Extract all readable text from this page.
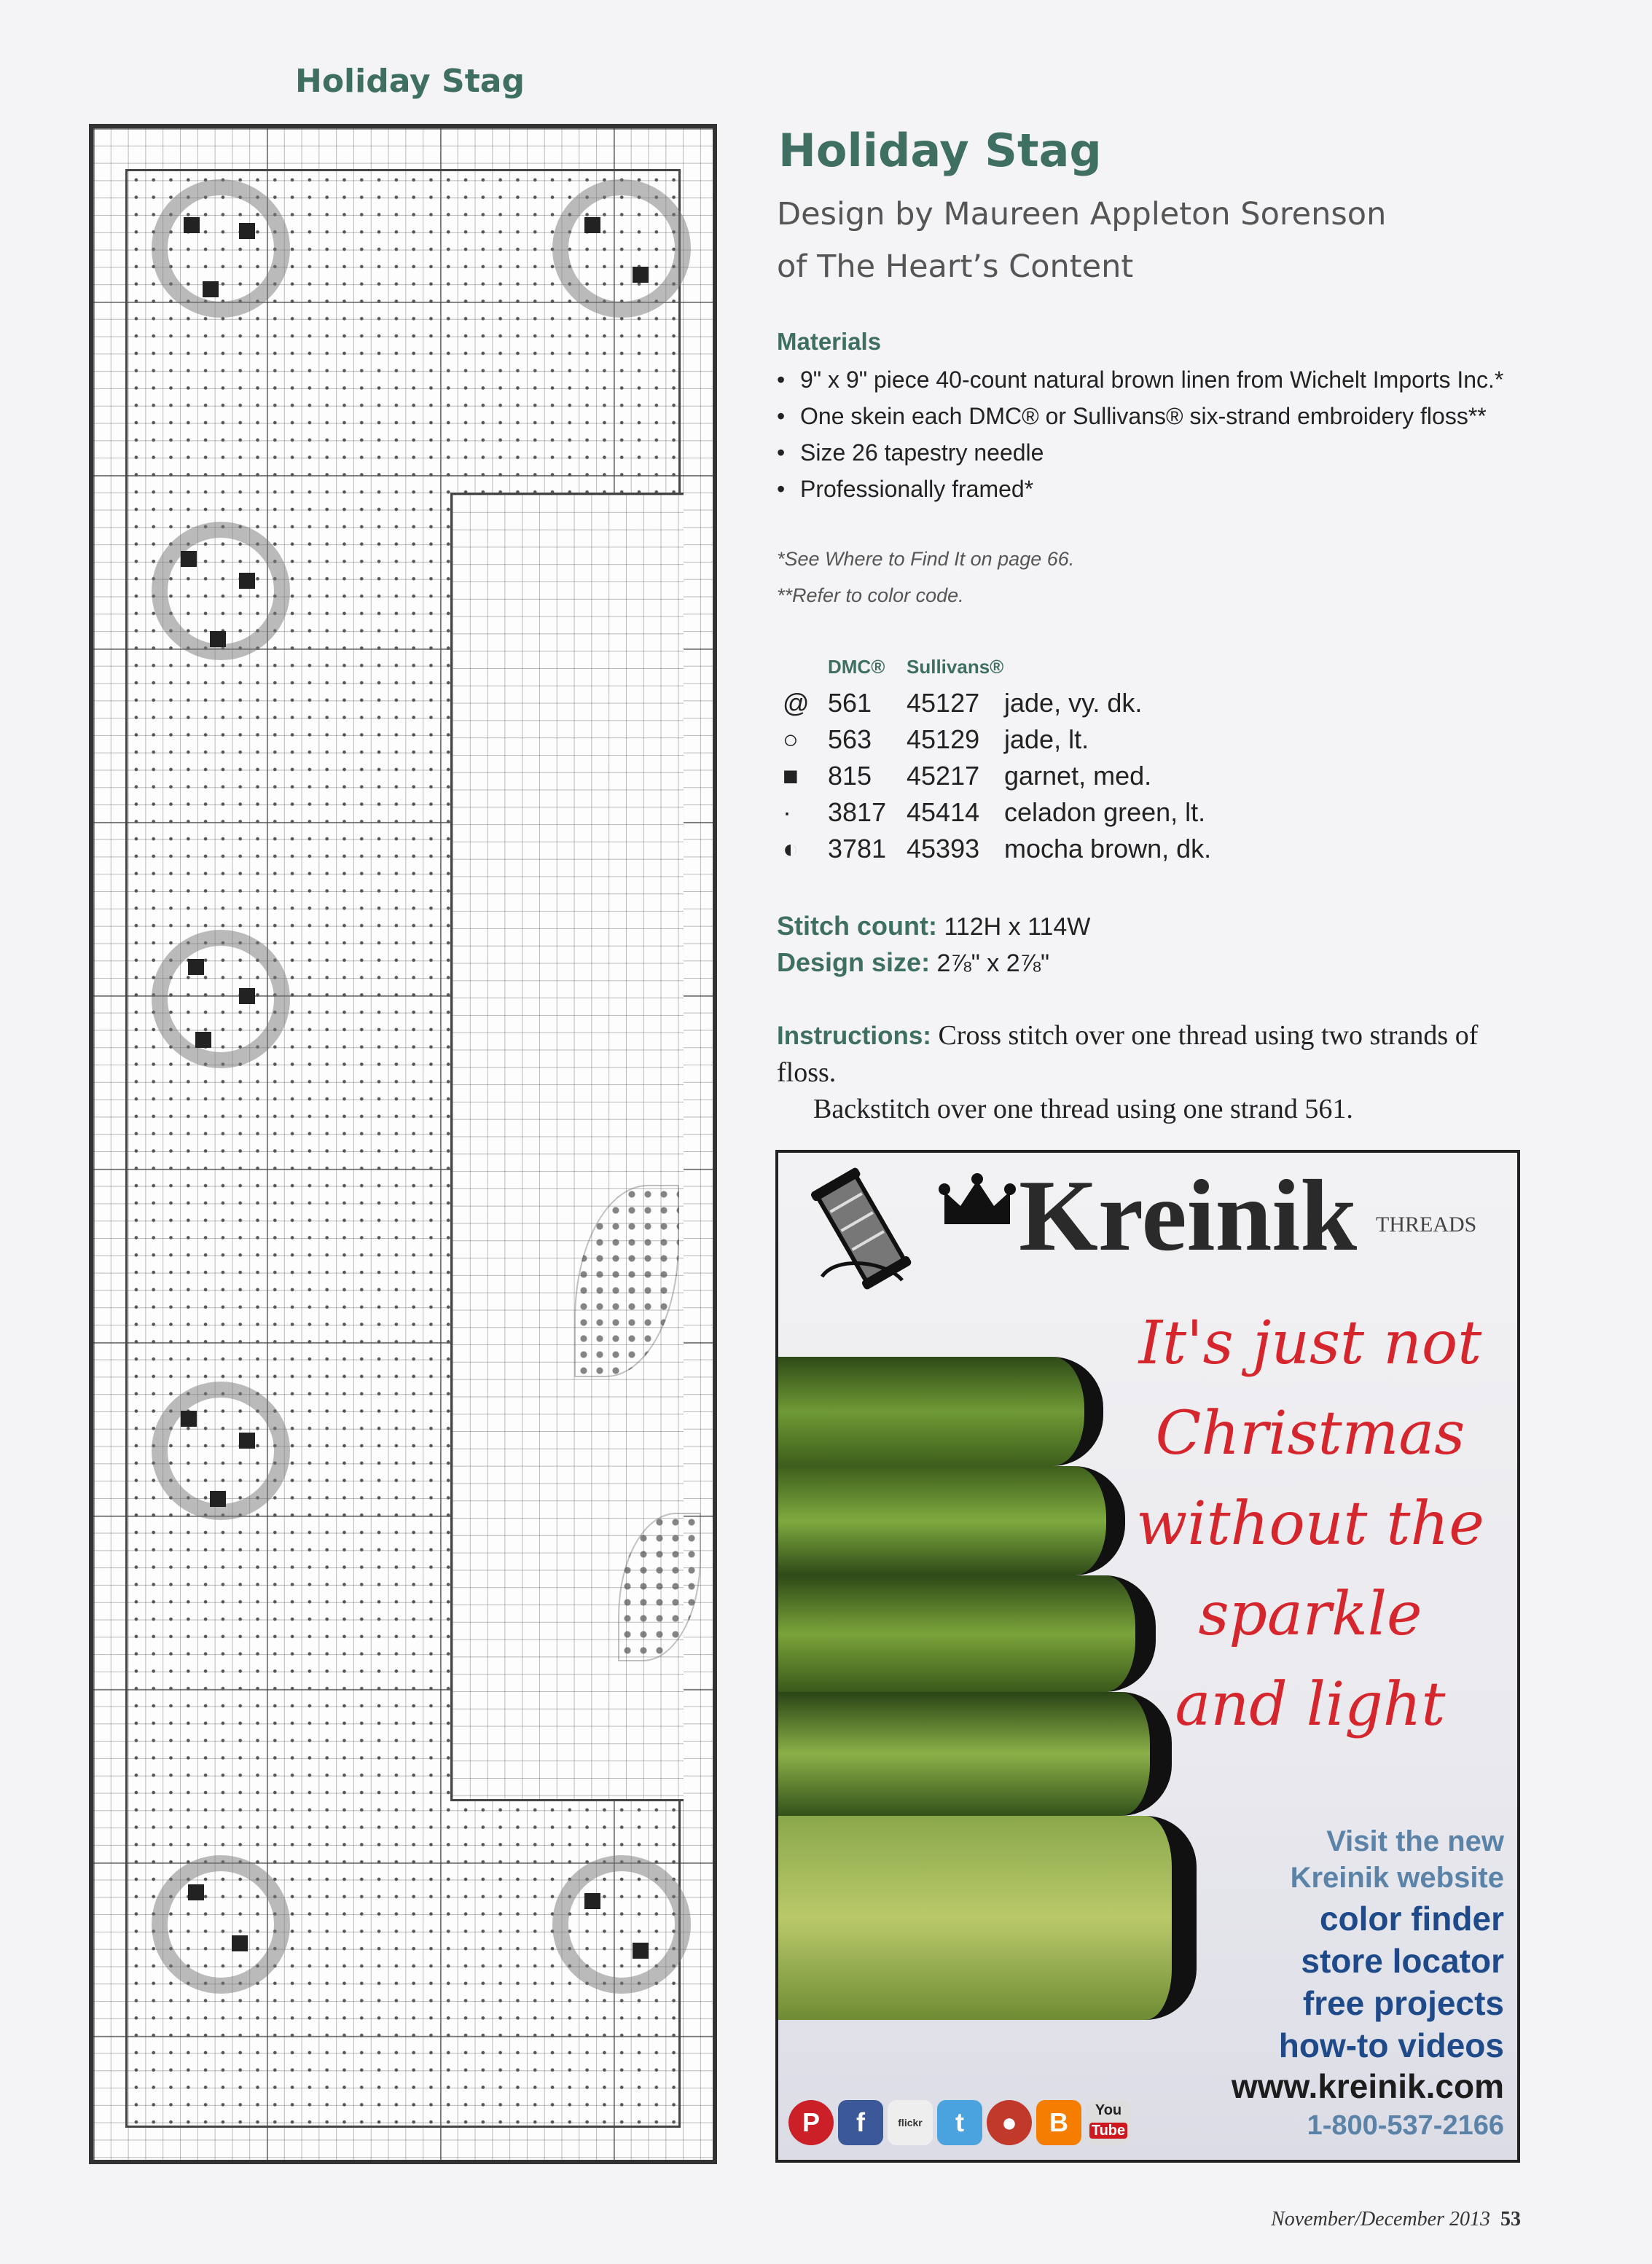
Holiday Stag
Holiday Stag
Design by Maureen Appleton Sorenson
of The Heart’s Content
Materials
• 9" x 9" piece 40-count natural brown linen from Wichelt Imports Inc.*
• One skein each DMC® or Sullivans® six-strand embroidery floss**
• Size 26 tapestry needle
• Professionally framed*
*See Where to Find It on page 66.
**Refer to color code.
DMC® Sullivans®
@ 561 45127 jade, vy. dk.
○ 563 45129 jade, lt.
■ 815 45217 garnet, med.
· 3817 45414 celadon green, lt.
◐ 3781 45393 mocha brown, dk.
Stitch count: 112H x 114W
Design size: 2⅞" x 2⅞"
Instructions: Cross stitch over one thread using two strands of floss.
Backstitch over one thread using one strand 561.
Kreinik THREADS
It's just not
Christmas
without the
sparkle
and light
Visit the new
Kreinik website
color finder
store locator
free projects
how-to videos
www.kreinik.com
1-800-537-2166
P	f	flickr	t	●	B	You
Tube
November/December 2013 53
